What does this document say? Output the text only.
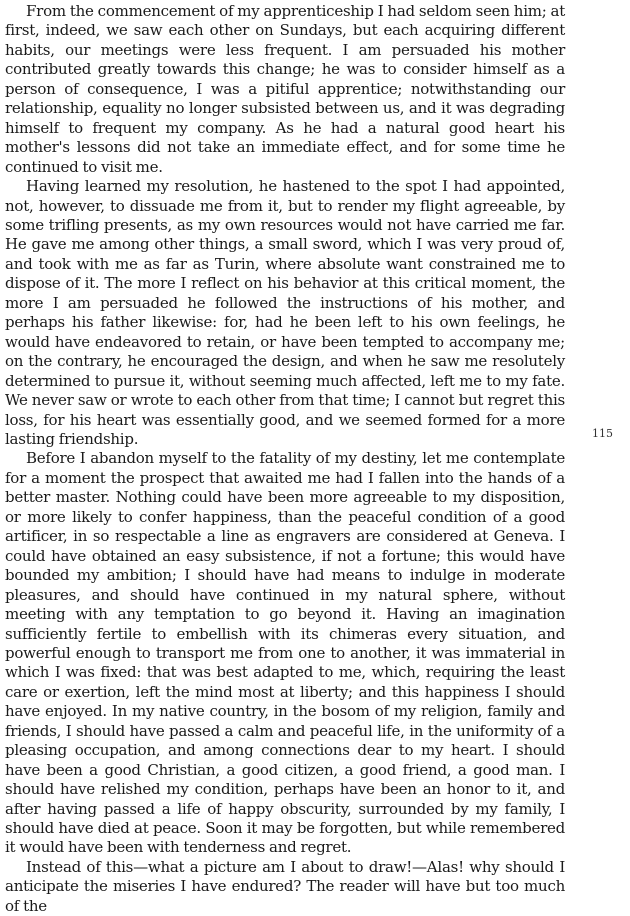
From the commencement of my apprenticeship I had seldom seen him; at first, indeed, we saw each other on Sundays, but each acquiring different habits, our meetings were less frequent. I am persuaded his mother contributed greatly towards this change; he was to consider himself as a person of consequence, I was a pitiful apprentice; notwithstanding our relationship, equality no longer subsisted between us, and it was degrading himself to frequent my company. As he had a natural good heart his mother's lessons did not take an immediate effect, and for some time he continued to visit me.

Having learned my resolution, he hastened to the spot I had appointed, not, however, to dissuade me from it, but to render my flight agreeable, by some trifling presents, as my own resources would not have carried me far. He gave me among other things, a small sword, which I was very proud of, and took with me as far as Turin, where absolute want constrained me to dispose of it. The more I reflect on his behavior at this critical moment, the more I am persuaded he followed the instructions of his mother, and perhaps his father likewise: for, had he been left to his own feelings, he would have endeavored to retain, or have been tempted to accompany me; on the contrary, he encouraged the design, and when he saw me resolutely determined to pursue it, without seeming much affected, left me to my fate. We never saw or wrote to each other from that time; I cannot but regret this loss, for his heart was essentially good, and we seemed formed for a more lasting friendship.

Before I abandon myself to the fatality of my destiny, let me contemplate for a moment the prospect that awaited me had I fallen into the hands of a better master. Nothing could have been more agreeable to my disposition, or more likely to confer happiness, than the peaceful condition of a good artificer, in so respectable a line as engravers are considered at Geneva. I could have obtained an easy subsistence, if not a fortune; this would have bounded my ambition; I should have had means to indulge in moderate pleasures, and should have continued in my natural sphere, without meeting with any temptation to go beyond it. Having an imagination sufficiently fertile to embellish with its chimeras every situation, and powerful enough to transport me from one to another, it was immaterial in which I was fixed: that was best adapted to me, which, requiring the least care or exertion, left the mind most at liberty; and this happiness I should have enjoyed. In my native country, in the bosom of my religion, family and friends, I should have passed a calm and peaceful life, in the uniformity of a pleasing occupation, and among connections dear to my heart. I should have been a good Christian, a good citizen, a good friend, a good man. I should have relished my condition, perhaps have been an honor to it, and after having passed a life of happy obscurity, surrounded by my family, I should have died at peace. Soon it may be forgotten, but while remembered it would have been with tenderness and regret.

Instead of this—what a picture am I about to draw!—Alas! why should I anticipate the miseries I have endured? The reader will have but too much of the

115
